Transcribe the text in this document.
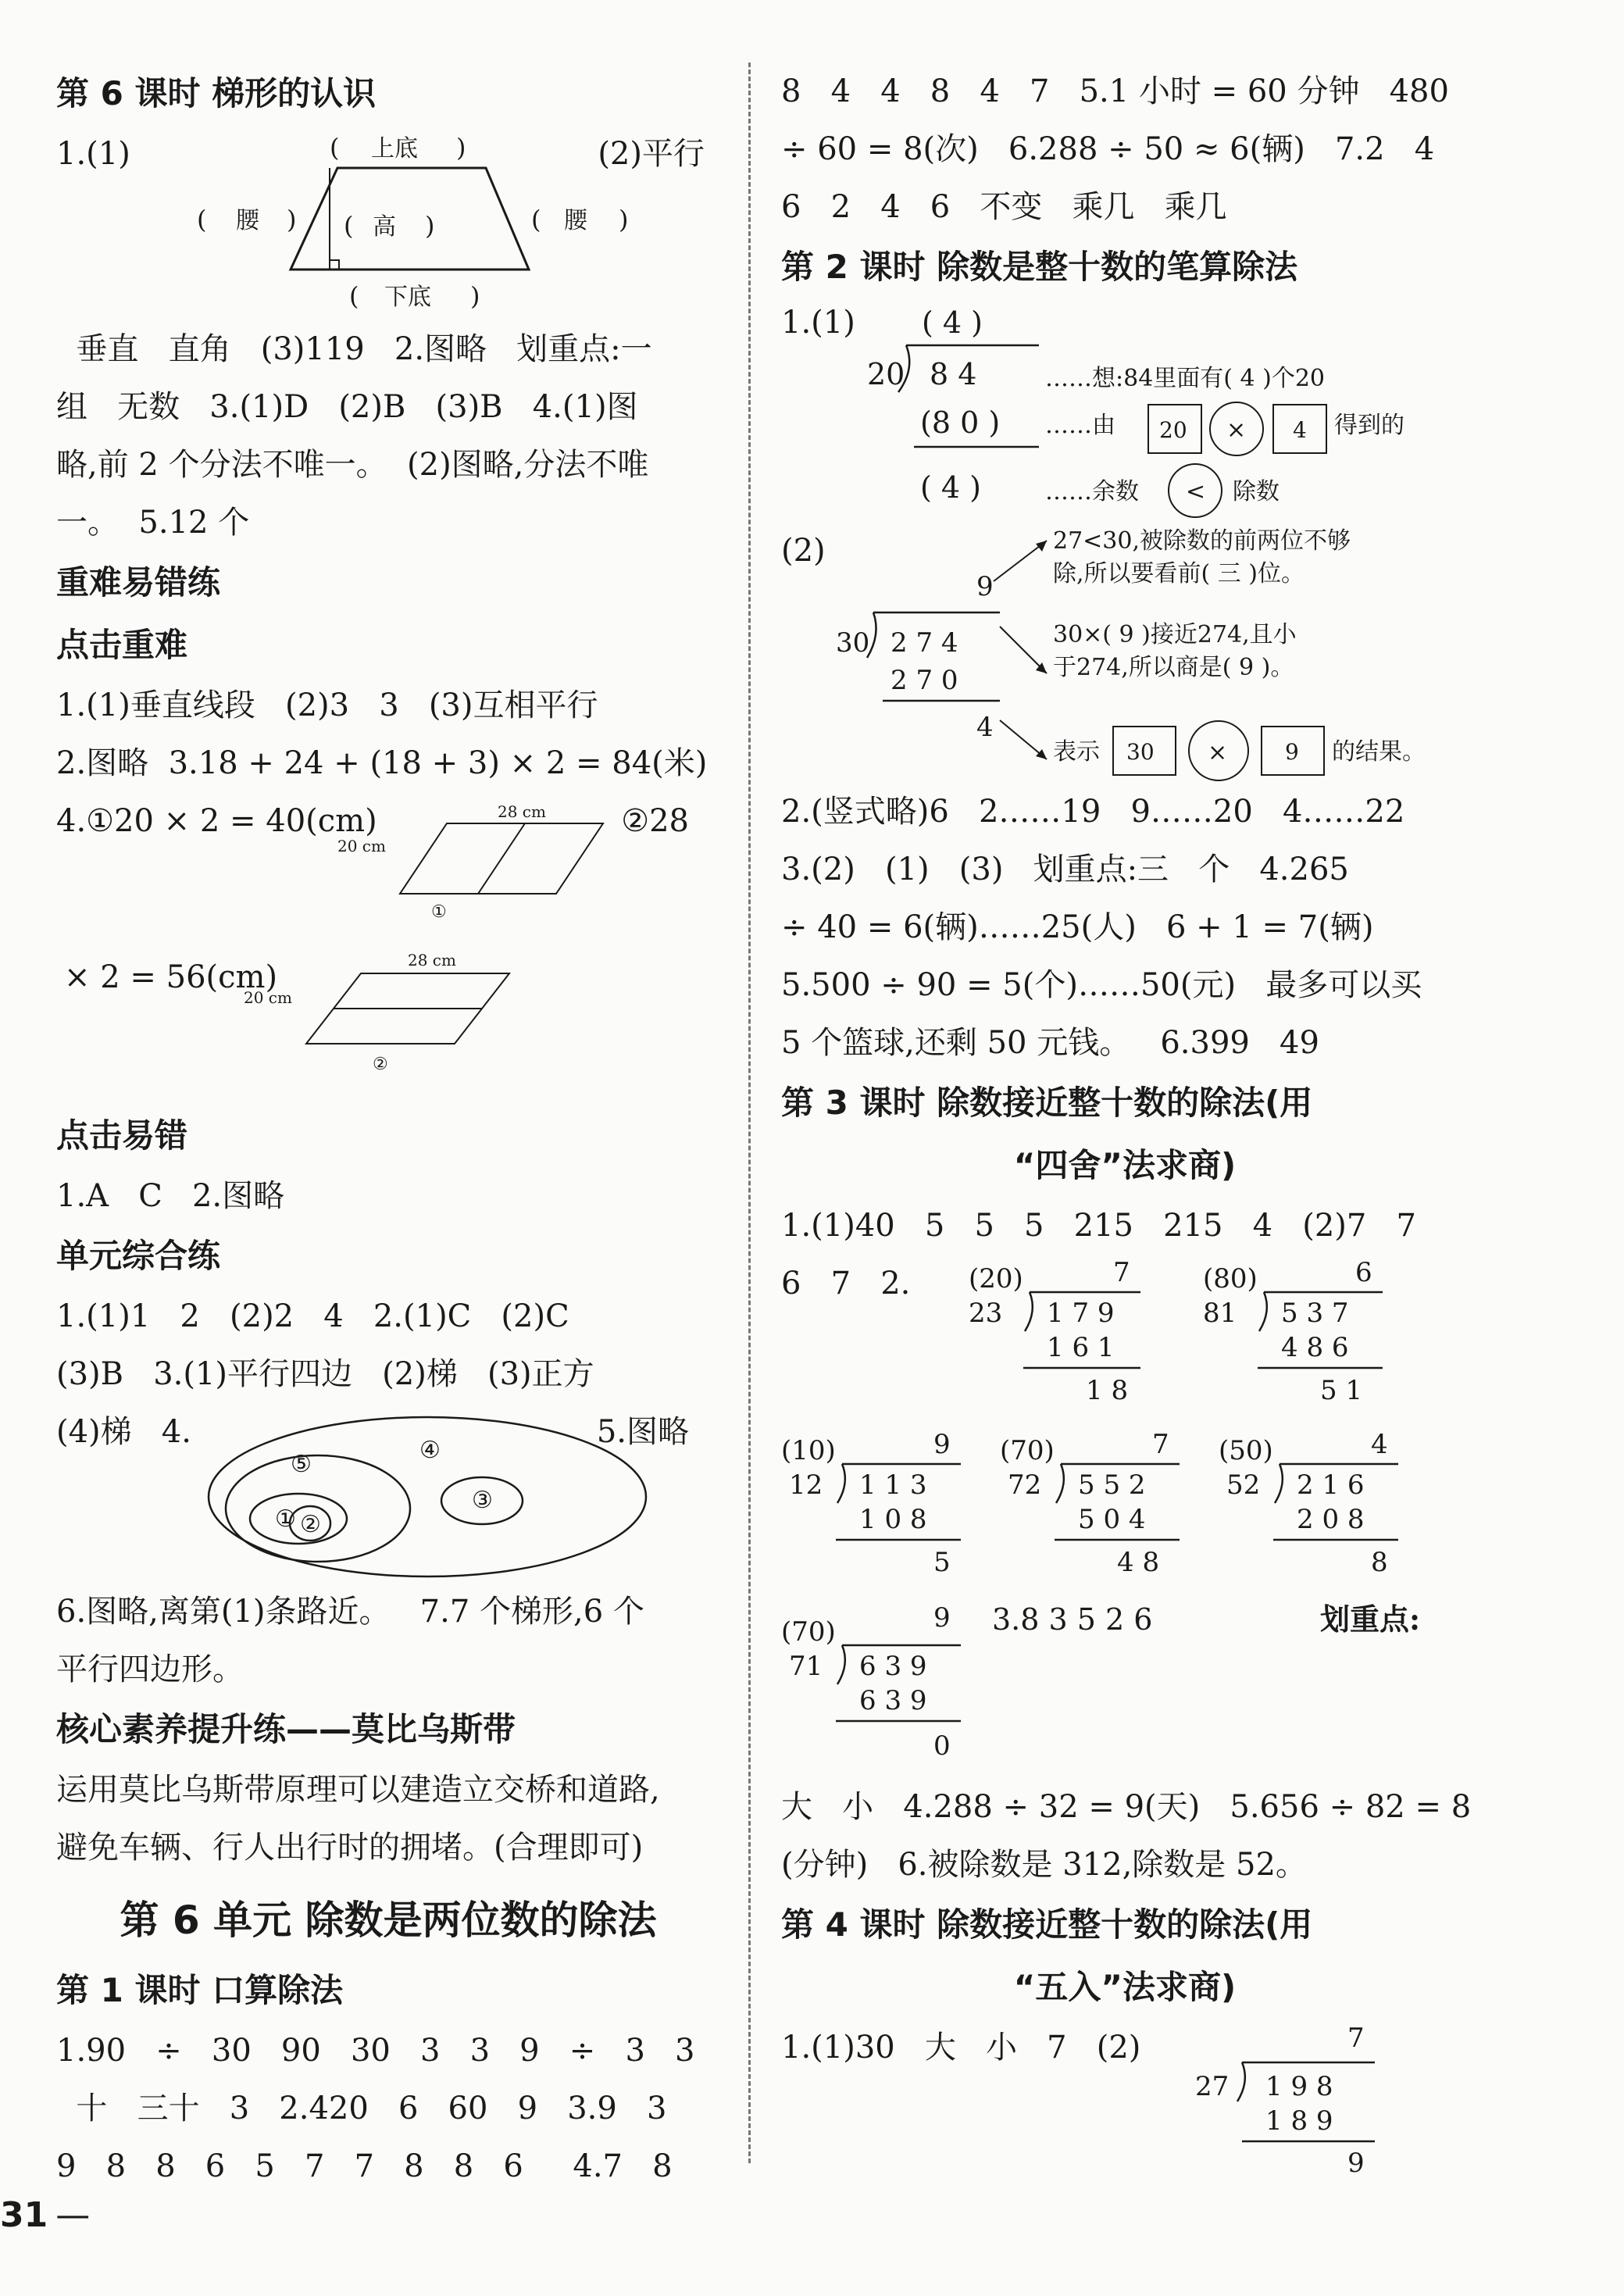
第 6 课时 梯形的认识
1.(1)	(2)平行
(	)
上底
(	)
腰	(	)
高	(	)
腰
(	)
下底
垂直   直角   (3)119   2.图略   划重点:一
组   无数   3.(1)D   (2)B   (3)B   4.(1)图
略,前 2 个分法不唯一。  (2)图略,分法不唯
一。  5.12 个
重难易错练
点击重难
1.(1)垂直线段   (2)3   3   (3)互相平行
2.图略  3.18 + 24 + (18 + 3) × 2 = 84(米)
4.①20 × 2 = 40(cm)	②28
28 cm
20 cm
①
× 2 = 56(cm)	28 cm
20 cm
②
点击易错
1.A   C   2.图略
单元综合练
1.(1)1   2   (2)2   4   2.(1)C   (2)C
(3)B   3.(1)平行四边   (2)梯   (3)正方
(4)梯   4.	5.图略
① ②
③
④
⑤
6.图略,离第(1)条路近。   7.7 个梯形,6 个
平行四边形。
核心素养提升练——莫比乌斯带
运用莫比乌斯带原理可以建造立交桥和道路,
避免车辆、行人出行时的拥堵。(合理即可)
第 6 单元 除数是两位数的除法
第 1 课时 口算除法
1.90   ÷   30   90   30   3   3   9   ÷   3   3
十   三十   3   2.420   6   60   9   3.9   3
9   8   8   6   5   7   7   8   8   6     4.7   8
8   4   4   8   4   7   5.1 小时 = 60 分钟   480
÷ 60 = 8(次)   6.288 ÷ 50 ≈ 6(辆)   7.2   4
6   2   4   6   不变   乘几   乘几
第 2 课时 除数是整十数的笔算除法
1.(1) ( 4 )
20 8 4
(8 0 )
( 4 )
……想:84里面有( 4 )个20
……由 20 × 4 得到的
……余数 < 除数
(2)
9
30 2 7 4
2 7 0
4
27<30,被除数的前两位不够
除,所以要看前( 三 )位。
30×( 9 )接近274,且小
于274,所以商是( 9 )。
表示 30 ×	9 的结果。
2.(竖式略)6   2……19   9……20   4……22
3.(2)   (1)   (3)   划重点:三   个   4.265
÷ 40 = 6(辆)……25(人)   6 + 1 = 7(辆)
5.500 ÷ 90 = 5(个)……50(元)   最多可以买
5 个篮球,还剩 50 元钱。   6.399   49
第 3 课时 除数接近整十数的除法(用
“四舍”法求商)
1.(1)40   5   5   5   215   215   4   (2)7   7
6   7   2. (20)
23
7
1 7 9
1 6 1
1 8
(80)
81
6
5 3 7
4 8 6
5 1
(10)
12
9
1 1 3
1 0 8
5
(70)
72
7
5 5 2
5 0 4
4 8
(50)
52
4
2 1 6
2 0 8
8
(70)
71
9
6 3 9
6 3 9
0
3.8 3 5 2 6	划重点:
大   小   4.288 ÷ 32 = 9(天)   5.656 ÷ 82 = 8
(分钟)   6.被除数是 312,除数是 52。
第 4 课时 除数接近整十数的除法(用
“五入”法求商)
1.(1)30   大   小   7   (2)	7
27 1 9 8
1 8 9
9
31 —
